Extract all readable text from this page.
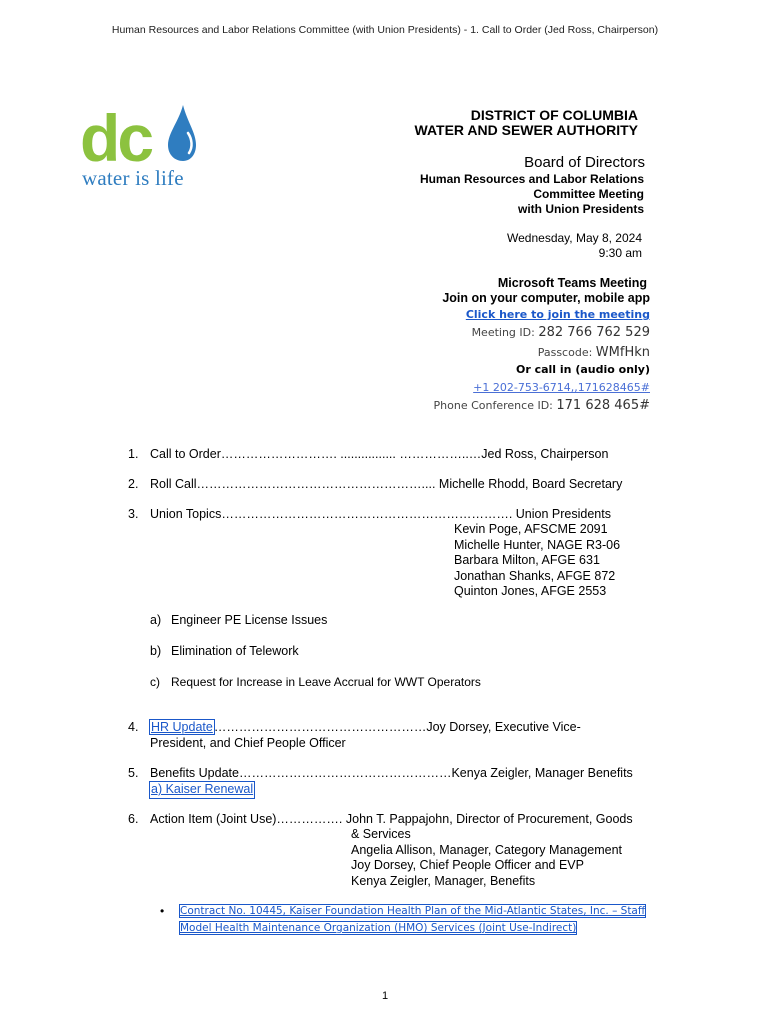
Human Resources and Labor Relations Committee (with Union Presidents) - 1. Call to Order (Jed Ross, Chairperson)
dc
water is life
DISTRICT OF COLUMBIA
WATER AND SEWER AUTHORITY
Board of Directors
Human Resources and Labor Relations
Committee Meeting
with Union Presidents
Wednesday, May 8, 2024
9:30 am
Microsoft Teams Meeting
Join on your computer, mobile app
Click here to join the meeting
Meeting ID: 282 766 762 529
Passcode: WMfHkn
Or call in (audio only)
+1 202-753-6714,,171628465#
Phone Conference ID: 171 628 465#
1. Call to Order………………………. ................ ……………..…Jed Ross, Chairperson
2. Roll Call……………………………………………….... Michelle Rhodd, Board Secretary
3. Union Topics……………………………………………………………. Union Presidents
Kevin Poge, AFSCME 2091
Michelle Hunter, NAGE R3-06
Barbara Milton, AFGE 631
Jonathan Shanks, AFGE 872
Quinton Jones, AFGE 2553
a) Engineer PE License Issues
b) Elimination of Telework
c) Request for Increase in Leave Accrual for WWT Operators
4. HR Update……………………………………………Joy Dorsey, Executive Vice-
President, and Chief People Officer
5. Benefits Update……………………………………………Kenya Zeigler, Manager Benefits
a) Kaiser Renewal
6. Action Item (Joint Use)……………. John T. Pappajohn, Director of Procurement, Goods
& Services
Angelia Allison, Manager, Category Management
Joy Dorsey, Chief People Officer and EVP
Kenya Zeigler, Manager, Benefits
• Contract No. 10445, Kaiser Foundation Health Plan of the Mid-Atlantic States, Inc. – Staff
Model Health Maintenance Organization (HMO) Services (Joint Use-Indirect)
1
